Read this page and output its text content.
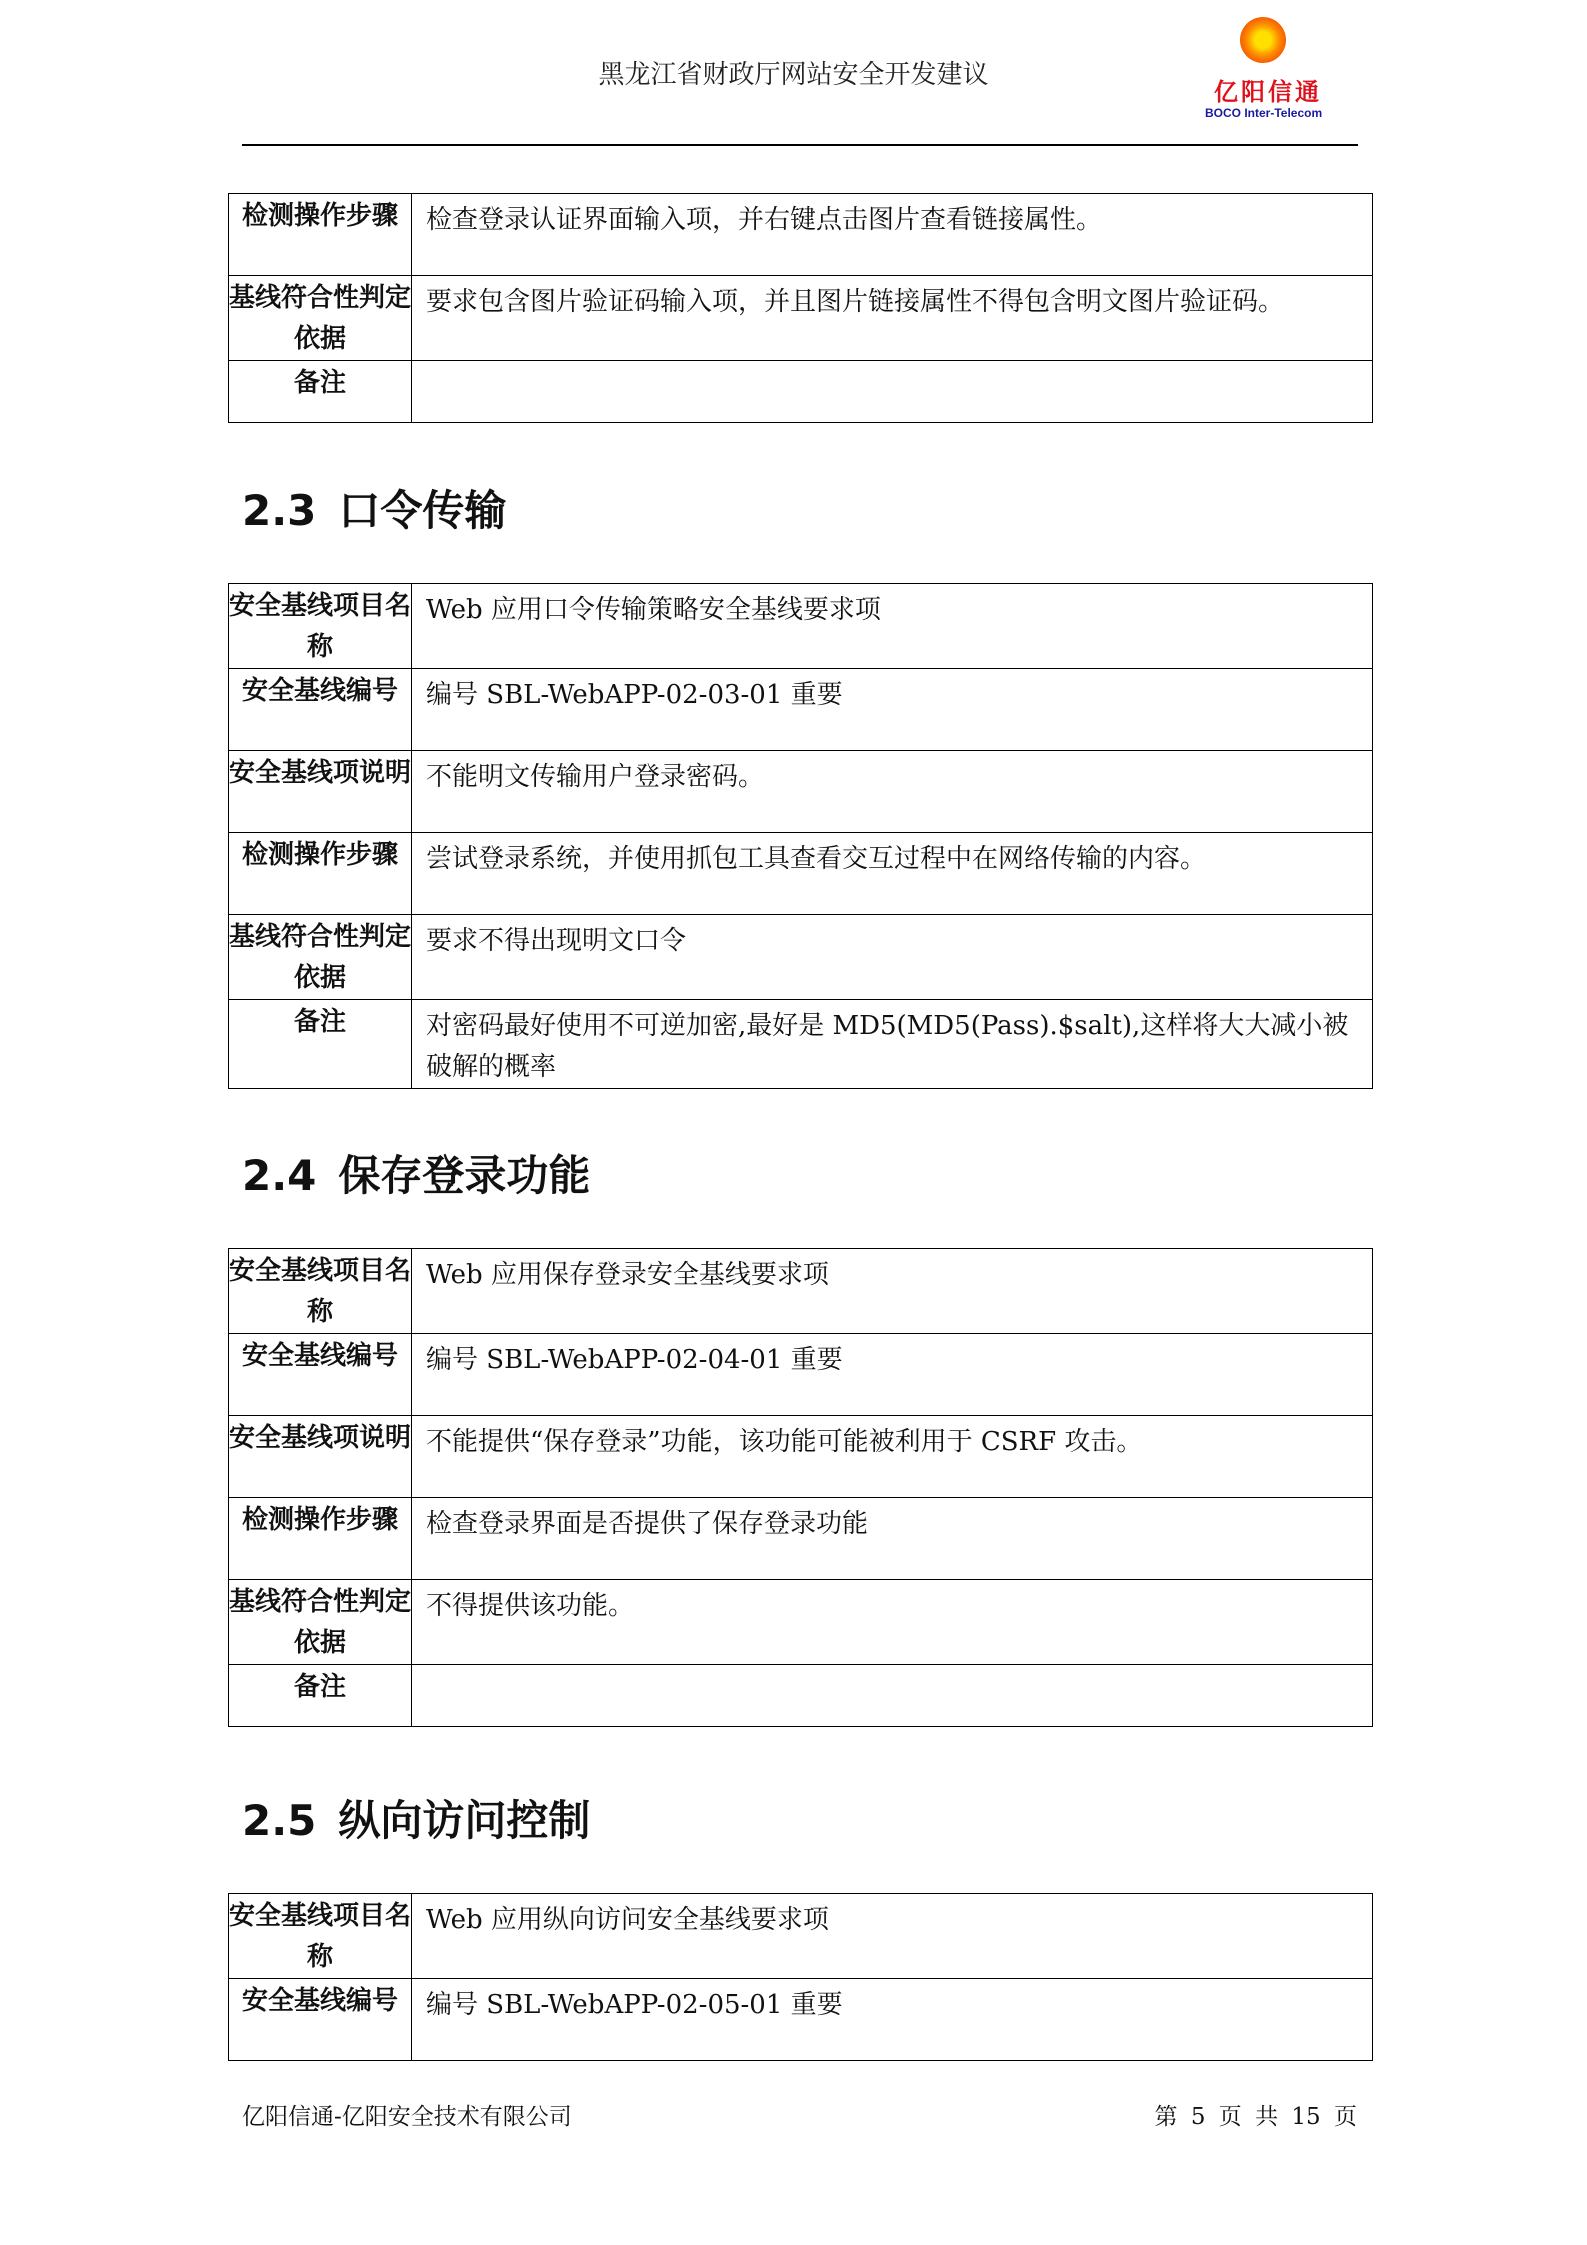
黑龙江省财政厅网站安全开发建议
亿阳信通
BOCO Inter-Telecom
检测操作步骤	检查登录认证界面输入项，并右键点击图片查看链接属性。
基线符合性判定依据	要求包含图片验证码输入项，并且图片链接属性不得包含明文图片验证码。
备注	
2.3 口令传输
安全基线项目名称	Web 应用口令传输策略安全基线要求项
安全基线编号	编号 SBL-WebAPP-02-03-01 重要
安全基线项说明	不能明文传输用户登录密码。
检测操作步骤	尝试登录系统，并使用抓包工具查看交互过程中在网络传输的内容。
基线符合性判定依据	要求不得出现明文口令
备注	对密码最好使用不可逆加密,最好是 MD5(MD5(Pass).$salt),这样将大大减小被破解的概率
2.4 保存登录功能
安全基线项目名称	Web 应用保存登录安全基线要求项
安全基线编号	编号 SBL-WebAPP-02-04-01 重要
安全基线项说明	不能提供“保存登录”功能，该功能可能被利用于 CSRF 攻击。
检测操作步骤	检查登录界面是否提供了保存登录功能
基线符合性判定依据	不得提供该功能。
备注	
2.5 纵向访问控制
安全基线项目名称	Web 应用纵向访问安全基线要求项
安全基线编号	编号 SBL-WebAPP-02-05-01 重要
亿阳信通-亿阳安全技术有限公司	第 5 页 共 15 页
